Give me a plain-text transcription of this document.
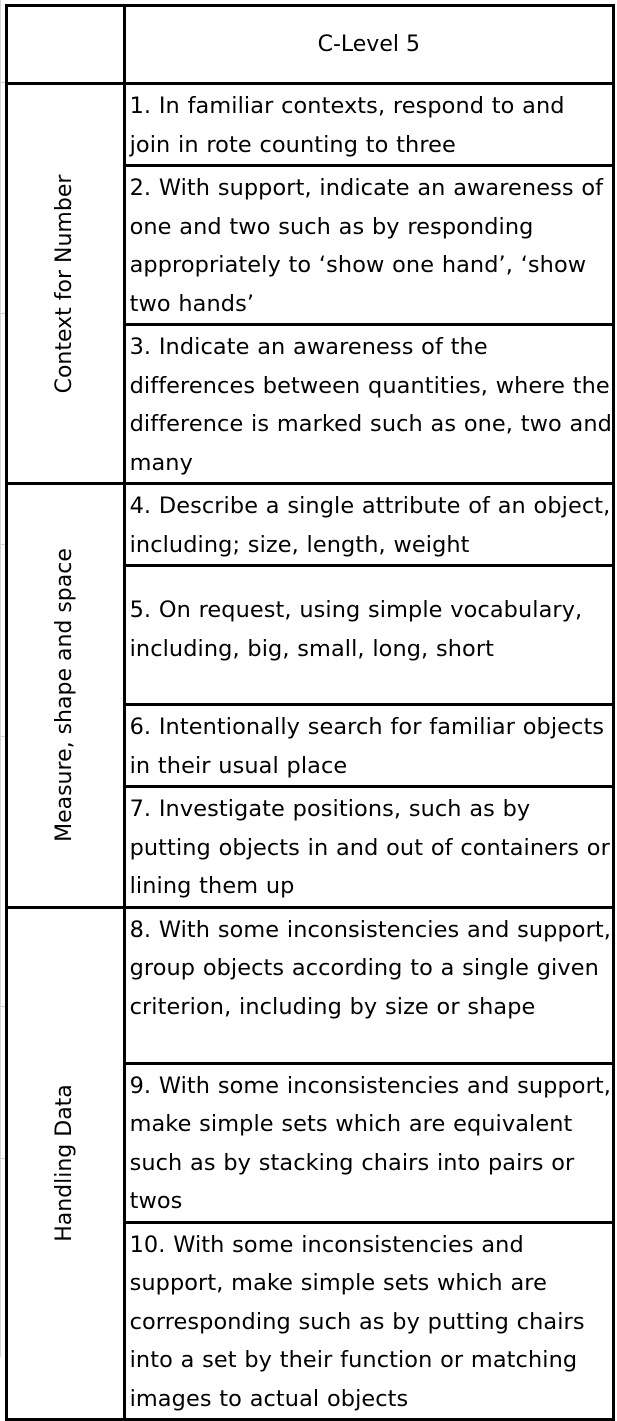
	C-Level 5

Context for Number	1. In familiar contexts, respond to and join in rote counting to three
	2. With support, indicate an awareness of one and two such as by responding appropriately to ‘show one hand’, ‘show two hands’
	3. Indicate an awareness of the differences between quantities, where the difference is marked such as one, two and many

Measure, shape and space	4. Describe a single attribute of an object, including; size, length, weight
	5. On request, using simple vocabulary, including, big, small, long, short
	6. Intentionally search for familiar objects in their usual place
	7. Investigate positions, such as by putting objects in and out of containers or lining them up

Handling Data	8. With some inconsistencies and support, group objects according to a single given criterion, including by size or shape
	9. With some inconsistencies and support, make simple sets which are equivalent such as by stacking chairs into pairs or twos
	10. With some inconsistencies and support, make simple sets which are corresponding such as by putting chairs into a set by their function or matching images to actual objects
